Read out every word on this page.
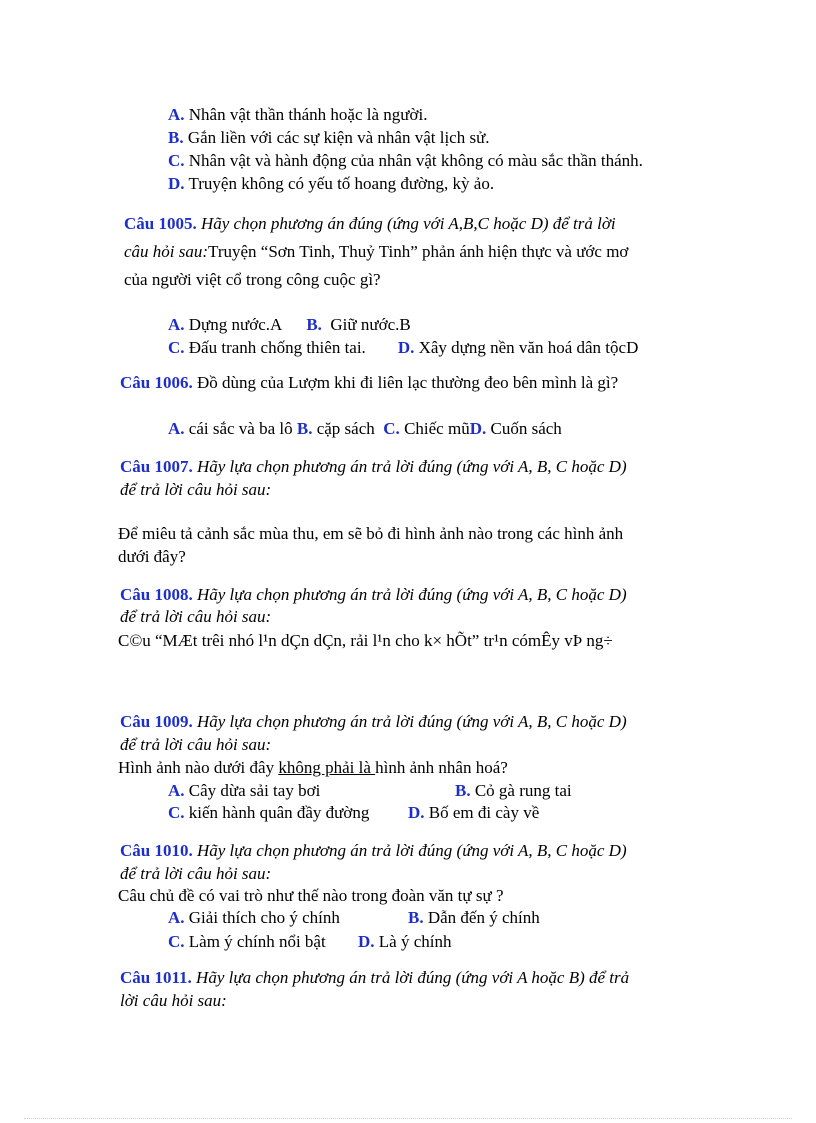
A. Nhân vật thần thánh hoặc là người.
B. Gắn liền với các sự kiện và nhân vật lịch sử.
C. Nhân vật và hành động của nhân vật không có màu sắc thần thánh.
D. Truyện không có yếu tố hoang đường, kỳ ảo.
Câu 1005. Hãy chọn phương án đúng (ứng với A,B,C hoặc D) để trả lời
câu hỏi sau:Truyện “Sơn Tinh, Thuỷ Tinh” phản ánh hiện thực và ước mơ
của người việt cổ trong công cuộc gì?
A. Dựng nước.A B. Giữ nước.B
C. Đấu tranh chống thiên tai. D. Xây dựng nền văn hoá dân tộcD
Câu 1006. Đồ dùng của Lượm khi đi liên lạc thường đeo bên mình là gì?
A. cái sắc và ba lô B. cặp sách C. Chiếc mũD. Cuốn sách
Câu 1007. Hãy lựa chọn phương án trả lời đúng (ứng với A, B, C hoặc D)
để trả lời câu hỏi sau:
Để miêu tả cảnh sắc mùa thu, em sẽ bỏ đi hình ảnh nào trong các hình ảnh
dưới đây?
Câu 1008. Hãy lựa chọn phương án trả lời đúng (ứng với A, B, C hoặc D)
để trả lời câu hỏi sau:
C©u “MÆt trêi nhó l¹n dÇn dÇn, rải l¹n cho k× hÕt” tr¹n cómÊy vÞ ng÷
Câu 1009. Hãy lựa chọn phương án trả lời đúng (ứng với A, B, C hoặc D)
để trả lời câu hỏi sau:
Hình ảnh nào dưới đây không phải là hình ảnh nhân hoá?
A. Cây dừa sải tay bơi	B. Cỏ gà rung tai
C. kiến hành quân đầy đường D. Bố em đi cày về
Câu 1010. Hãy lựa chọn phương án trả lời đúng (ứng với A, B, C hoặc D)
để trả lời câu hỏi sau:
Câu chủ đề có vai trò như thế nào trong đoàn văn tự sự ?
A. Giải thích cho ý chính	B. Dẫn đến ý chính
C. Làm ý chính nổi bật D. Là ý chính
Câu 1011. Hãy lựa chọn phương án trả lời đúng (ứng với A hoặc B) để trả
lời câu hỏi sau:
